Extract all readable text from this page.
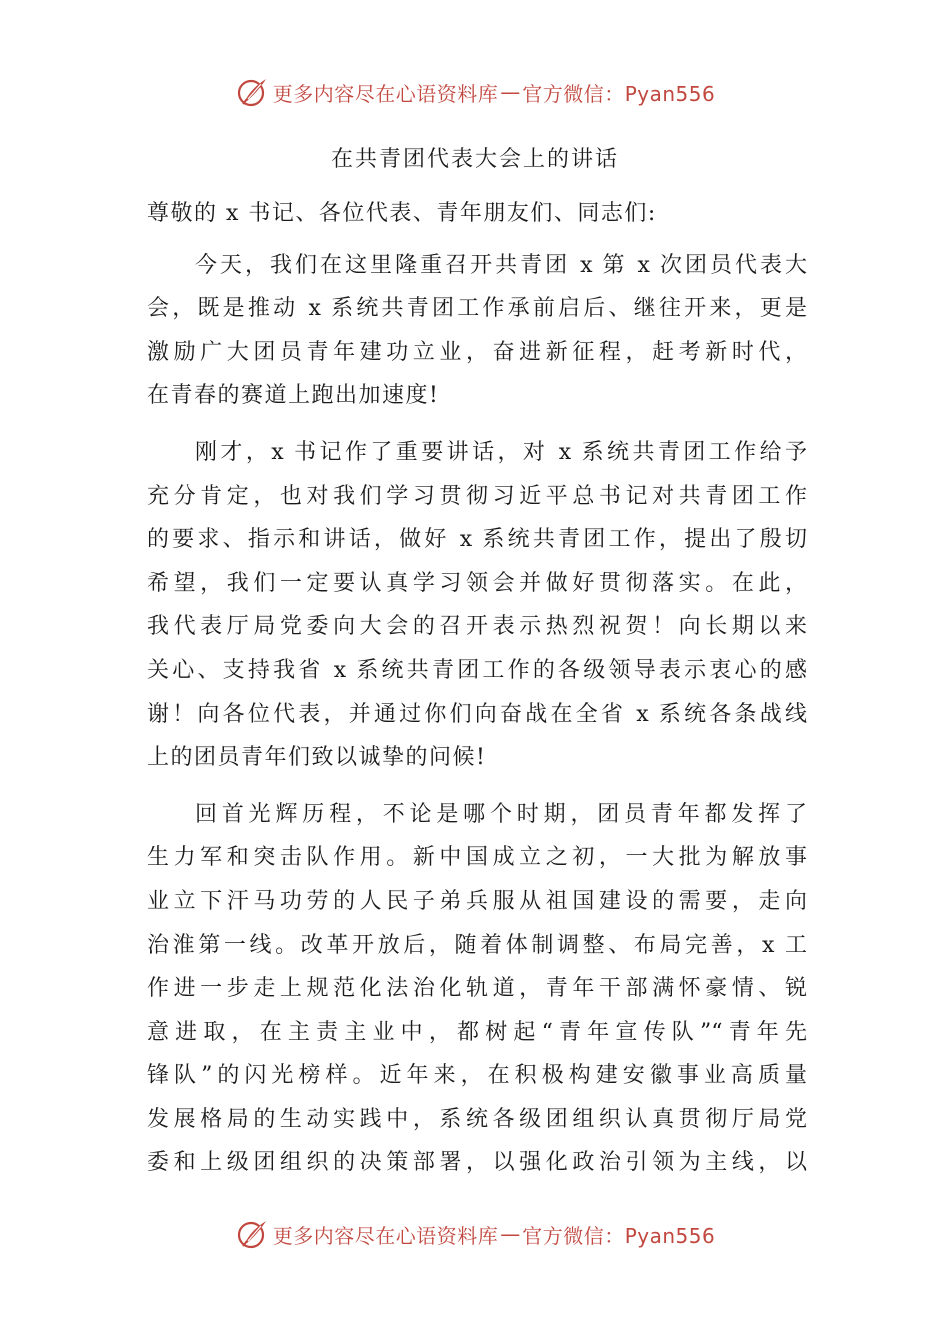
更多内容尽在心语资料库 — 官方微信：Pyan556
在共青团代表大会上的讲话
尊敬的 x 书记、各位代表、青年朋友们、同志们:
今天，我们在这里隆重召开共青团 x 第 x 次团员代表大
会，既是推动 x 系统共青团工作承前启后、继往开来，更是
激励广大团员青年建功立业，奋进新征程，赶考新时代，
在青春的赛道上跑出加速度!
刚才，x 书记作了重要讲话，对 x 系统共青团工作给予
充分肯定，也对我们学习贯彻习近平总书记对共青团工作
的要求、指示和讲话，做好 x 系统共青团工作，提出了殷切
希望，我们一定要认真学习领会并做好贯彻落实。在此，
我代表厅局党委向大会的召开表示热烈祝贺！向长期以来
关心、支持我省 x 系统共青团工作的各级领导表示衷心的感
谢！向各位代表，并通过你们向奋战在全省 x 系统各条战线
上的团员青年们致以诚挚的问候!
回首光辉历程，不论是哪个时期，团员青年都发挥了
生力军和突击队作用。新中国成立之初，一大批为解放事
业立下汗马功劳的人民子弟兵服从祖国建设的需要，走向
治淮第一线。改革开放后，随着体制调整、布局完善，x 工
作进一步走上规范化法治化轨道，青年干部满怀豪情、锐
意进取，在主责主业中，都树起“青年宣传队”“青年先
锋队”的闪光榜样。近年来，在积极构建安徽事业高质量
发展格局的生动实践中，系统各级团组织认真贯彻厅局党
委和上级团组织的决策部署，以强化政治引领为主线，以
更多内容尽在心语资料库 — 官方微信：Pyan556
